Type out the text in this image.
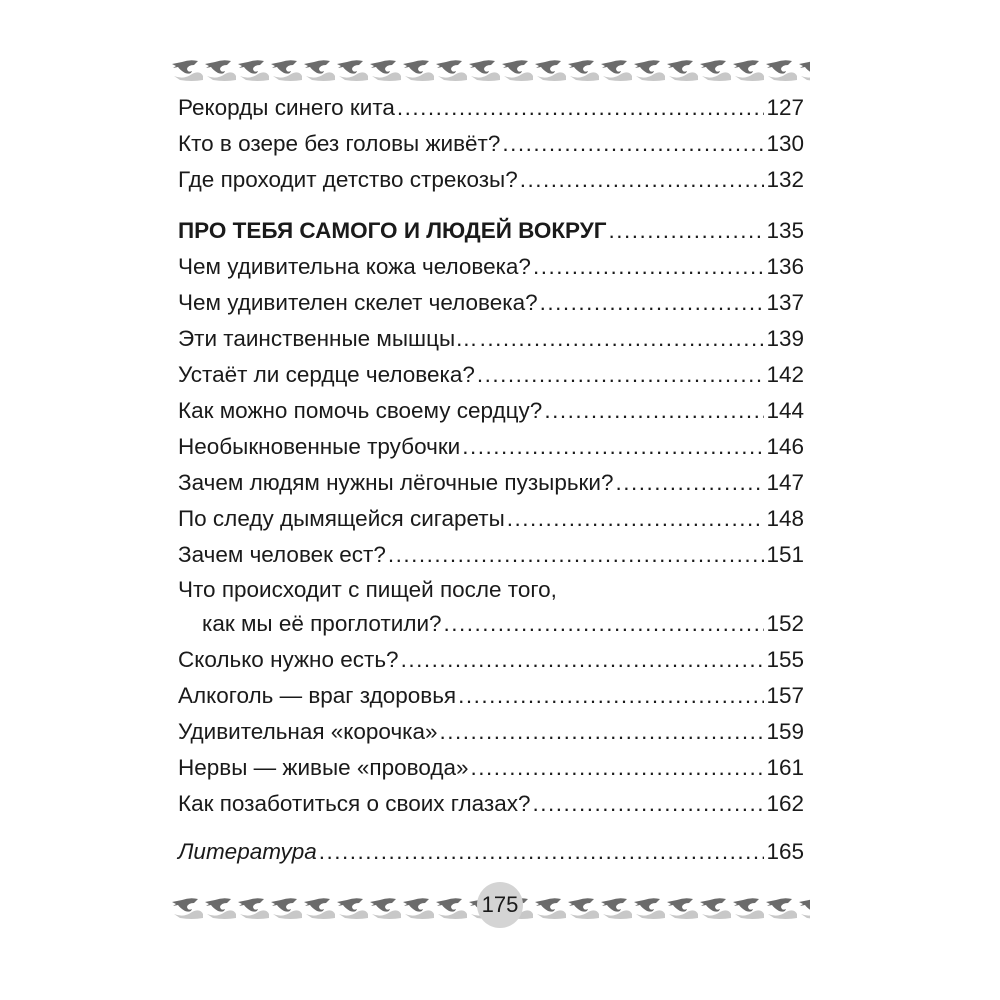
Рекорды синего кита .....	127
Кто в озере без головы живёт? .....	130
Где проходит детство стрекозы? .....	132
ПРО ТЕБЯ САМОГО И ЛЮДЕЙ ВОКРУГ .....	135
Чем удивительна кожа человека? .....	136
Чем удивителен скелет человека? .....	137
Эти таинственные мышцы… .....	139
Устаёт ли сердце человека? .....	142
Как можно помочь своему сердцу? .....	144
Необыкновенные трубочки .....	146
Зачем людям нужны лёгочные пузырьки? .....	147
По следу дымящейся сигареты .....	148
Зачем человек ест? .....	151
Что происходит с пищей после того,
как мы её проглотили? .....	152
Сколько нужно есть? .....	155
Алкоголь — враг здоровья .....	157
Удивительная «корочка» .....	159
Нервы — живые «провода» .....	161
Как позаботиться о своих глазах? .....	162
Литература .....	165
175
